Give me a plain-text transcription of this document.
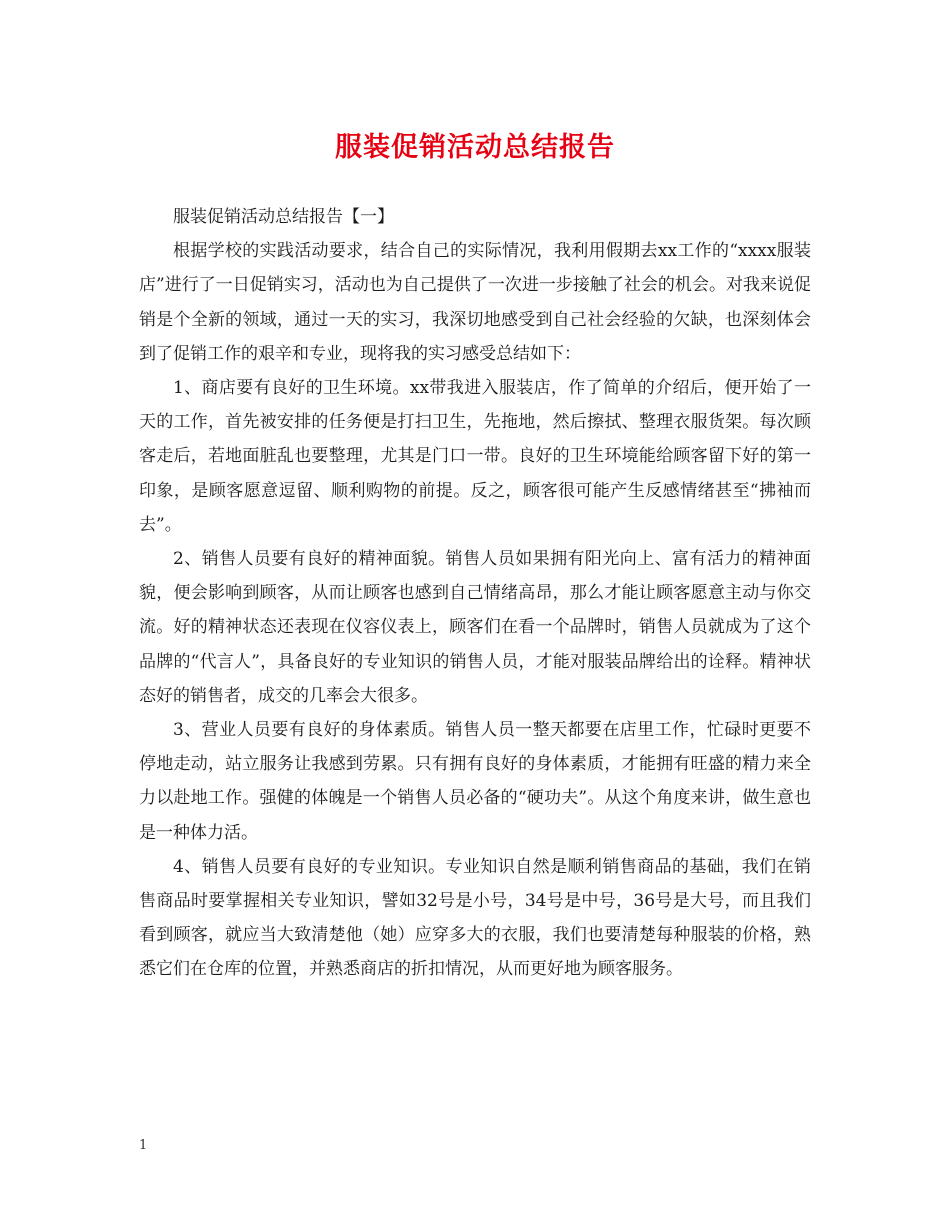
服装促销活动总结报告

服装促销活动总结报告【一】

根据学校的实践活动要求，结合自己的实际情况，我利用假期去xx工作的“xxxx服装店”进行了一日促销实习，活动也为自己提供了一次进一步接触了社会的机会。对我来说促销是个全新的领域，通过一天的实习，我深切地感受到自己社会经验的欠缺，也深刻体会到了促销工作的艰辛和专业，现将我的实习感受总结如下：

1、商店要有良好的卫生环境。xx带我进入服装店，作了简单的介绍后，便开始了一天的工作，首先被安排的任务便是打扫卫生，先拖地，然后擦拭、整理衣服货架。每次顾客走后，若地面脏乱也要整理，尤其是门口一带。良好的卫生环境能给顾客留下好的第一印象，是顾客愿意逗留、顺利购物的前提。反之，顾客很可能产生反感情绪甚至“拂袖而去”。

2、销售人员要有良好的精神面貌。销售人员如果拥有阳光向上、富有活力的精神面貌，便会影响到顾客，从而让顾客也感到自己情绪高昂，那么才能让顾客愿意主动与你交流。好的精神状态还表现在仪容仪表上，顾客们在看一个品牌时，销售人员就成为了这个品牌的“代言人”，具备良好的专业知识的销售人员，才能对服装品牌给出的诠释。精神状态好的销售者，成交的几率会大很多。

3、营业人员要有良好的身体素质。销售人员一整天都要在店里工作，忙碌时更要不停地走动，站立服务让我感到劳累。只有拥有良好的身体素质，才能拥有旺盛的精力来全力以赴地工作。强健的体魄是一个销售人员必备的“硬功夫”。从这个角度来讲，做生意也是一种体力活。

4、销售人员要有良好的专业知识。专业知识自然是顺利销售商品的基础，我们在销售商品时要掌握相关专业知识，譬如32号是小号，34号是中号，36号是大号，而且我们看到顾客，就应当大致清楚他（她）应穿多大的衣服，我们也要清楚每种服装的价格，熟悉它们在仓库的位置，并熟悉商店的折扣情况，从而更好地为顾客服务。

1
